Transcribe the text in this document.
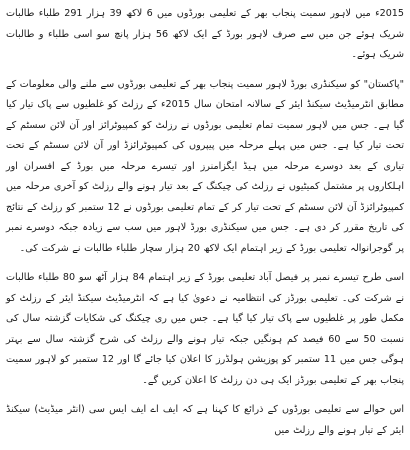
2015ء میں لاہور سمیت پنجاب بھر کے تعلیمی بورڈوں میں 6 لاکھ 39 ہزار 291 طلباء طالبات شریک ہوئے جن میں سے صرف لاہور بورڈ کے ایک لاکھ 56 ہزار پانچ سو اسی طلباء و طالبات شریک ہوئے۔

"پاکستان" کو سیکنڈری بورڈ لاہور سمیت پنجاب بھر کے تعلیمی بورڈوں سے ملنے والی معلومات کے مطابق انٹرمیڈیٹ سیکنڈ ایئر کے سالانہ امتحان سال 2015ء کے رزلٹ کو غلطیوں سے پاک تیار کیا گیا ہے۔ جس میں لاہور سمیت تمام تعلیمی بورڈوں نے رزلٹ کو کمپیوٹرائز اور آن لائن سسٹم کے تحت تیار کیا ہے۔ جس میں پہلے مرحلہ میں پیپروں کی کمپیوٹرائزڈ اور آن لائن سسٹم کے تحت تیاری کے بعد دوسرے مرحلہ میں ہیڈ ایگزامنرز اور تیسرے مرحلہ میں بورڈ کے افسران اور اہلکاروں پر مشتمل کمیٹیوں نے رزلٹ کی چیکنگ کے بعد تیار ہونے والے رزلٹ کو آخری مرحلہ میں کمپیوٹرائزڈ آن لائن سسٹم کے تحت تیار کر کے تمام تعلیمی بورڈوں نے 12 ستمبر کو رزلٹ کے نتائج کی تاریخ مقرر کر دی ہے۔ جس میں سیکنڈری بورڈ لاہور میں سب سے زیادہ جبکہ دوسرے نمبر پر گوجرانوالہ تعلیمی بورڈ کے زیر اہتمام ایک لاکھ 20 ہزار سچار طلباء طالبات نے شرکت کی۔

اسی طرح تیسرے نمبر پر فیصل آباد تعلیمی بورڈ کے زیر اہتمام 84 ہزار آٹھ سو 80 طلباء طالبات نے شرکت کی۔ تعلیمی بورڈز کی انتظامیہ نے دعویٰ کیا ہے کہ انٹرمیڈیٹ سیکنڈ ایئر کے رزلٹ کو مکمل طور پر غلطیوں سے پاک تیار کیا گیا ہے۔ جس میں ری چیکنگ کی شکایات گزشتہ سال کی نسبت 50 سے 60 فیصد کم ہونگیں جبکہ تیار ہونے والے رزلٹ کی شرح گزشتہ سال سے بہتر ہوگی جس میں 11 ستمبر کو پوزیشن ہولڈرز کا اعلان کیا جائے گا اور 12 ستمبر کو لاہور سمیت پنجاب بھر کے تعلیمی بورڈز ایک ہی دن رزلٹ کا اعلان کریں گے۔

اس حوالے سے تعلیمی بورڈوں کے ذرائع کا کہنا ہے کہ ایف اے ایف ایس سی (انٹر میڈیٹ) سیکنڈ ایئر کے تیار ہونے والے رزلٹ میں
